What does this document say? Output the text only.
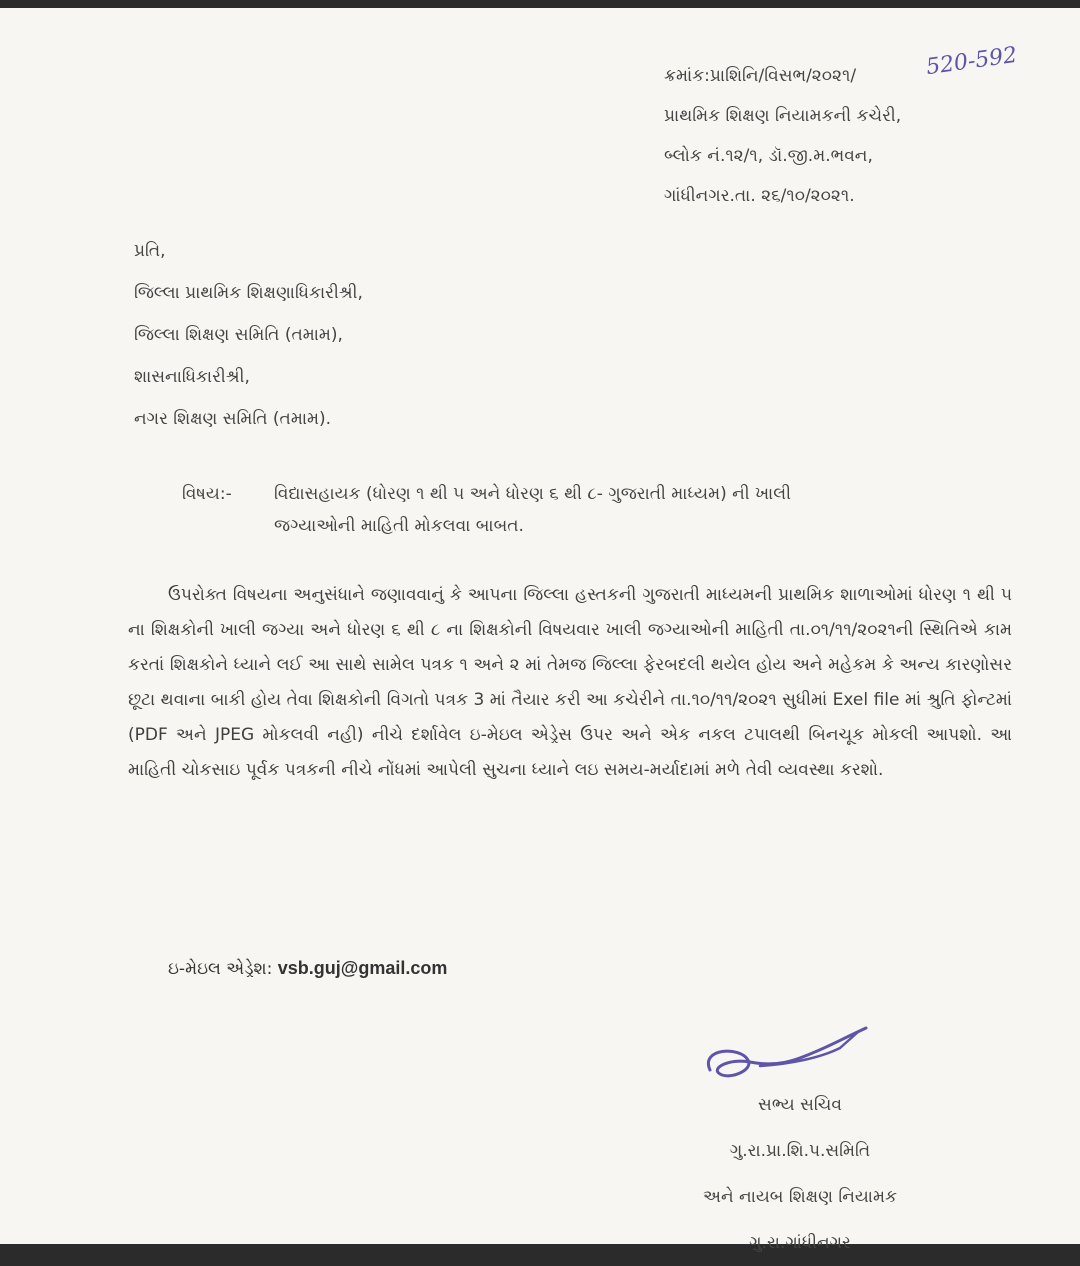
ક્રમાંક:પ્રાશિનિ/વિસભ/૨૦૨૧/	520-592
પ્રાથમિક શિક્ષણ નિયામકની કચેરી,
બ્લોક નં.૧૨/૧, ડૉ.જી.મ.ભવન,
ગાંધીનગર.તા. ૨૬/૧૦/૨૦૨૧.
પ્રતિ,
જિલ્લા પ્રાથમિક શિક્ષણાધિકારીશ્રી,
જિલ્લા શિક્ષણ સમિતિ (તમામ),
શાસનાધિકારીશ્રી,
નગર શિક્ષણ સમિતિ (તમામ).
વિષય:- વિદ્યાસહાયક (ધોરણ ૧ થી ૫ અને ધોરણ ૬ થી ૮- ગુજરાતી માધ્યમ) ની ખાલી
જગ્યાઓની માહિતી મોકલવા બાબત.

ઉપરોક્ત વિષયના અનુસંધાને જણાવવાનું કે આપના જિલ્લા હસ્તકની ગુજરાતી માધ્યમની પ્રાથમિક શાળાઓમાં ધોરણ ૧ થી ૫ ના શિક્ષકોની ખાલી જગ્યા અને ધોરણ ૬ થી ૮ ના શિક્ષકોની વિષયવાર ખાલી જગ્યાઓની માહિતી તા.૦૧/૧૧/૨૦૨૧ની સ્થિતિએ કામ કરતાં શિક્ષકોને ધ્યાને લઈ આ સાથે સામેલ પત્રક ૧ અને ૨ માં તેમજ જિલ્લા ફેરબદલી થયેલ હોય અને મહેકમ કે અન્ય કારણોસર છૂટા થવાના બાકી હોય તેવા શિક્ષકોની વિગતો પત્રક 3 માં તૈયાર કરી આ કચેરીને તા.૧૦/૧૧/૨૦૨૧ સુધીમાં Exel file માં શ્રુતિ ફોન્ટમાં (PDF અને JPEG મોકલવી નહી) નીચે દર્શાવેલ ઇ-મેઇલ એડ્રેસ ઉપર અને એક નકલ ટપાલથી બિનચૂક મોકલી આપશો. આ માહિતી ચોકસાઇ પૂર્વક પત્રકની નીચે નોંધમાં આપેલી સુચના ધ્યાને લઇ સમય-મર્યાદામાં મળે તેવી વ્યવસ્થા કરશો.

ઇ-મેઇલ એડ્રેશ: vsb.guj@gmail.com
સભ્ય સચિવ
ગુ.રા.પ્રા.શિ.પ.સમિતિ
અને નાયબ શિક્ષણ નિયામક
ગુ.રા.ગાંધીનગર
